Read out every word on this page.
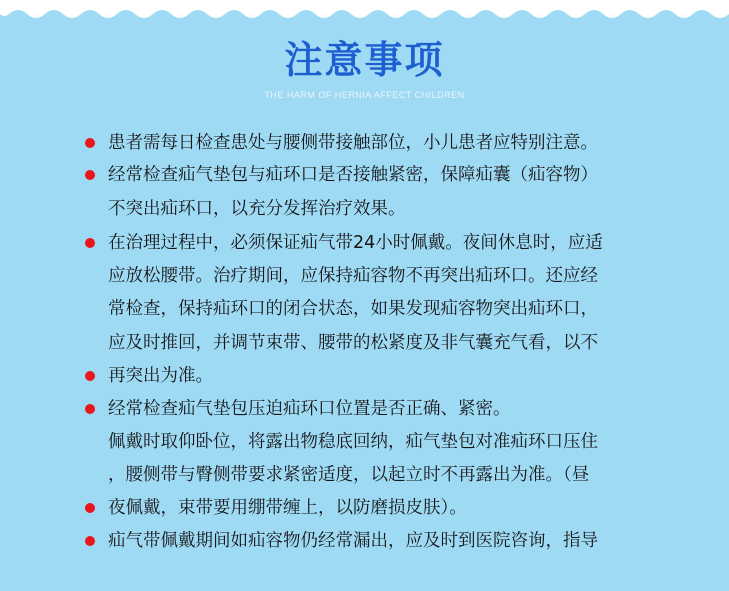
注意事项
THE HARM OF HERNIA AFFECT CHILDREN
患者需每日检查患处与腰侧带接触部位，小儿患者应特别注意。
经常检查疝气垫包与疝环口是否接触紧密，保障疝囊（疝容物）
不突出疝环口，以充分发挥治疗效果。
在治理过程中，必须保证疝气带24小时佩戴。夜间休息时，应适
应放松腰带。治疗期间，应保持疝容物不再突出疝环口。还应经
常检查，保持疝环口的闭合状态，如果发现疝容物突出疝环口，
应及时推回，并调节束带、腰带的松紧度及非气囊充气看，以不
再突出为准。
经常检查疝气垫包压迫疝环口位置是否正确、紧密。
佩戴时取仰卧位，将露出物稳底回纳，疝气垫包对准疝环口压住
，腰侧带与臀侧带要求紧密适度，以起立时不再露出为准。（昼
夜佩戴，束带要用绷带缠上，以防磨损皮肤）。
疝气带佩戴期间如疝容物仍经常漏出，应及时到医院咨询，指导
